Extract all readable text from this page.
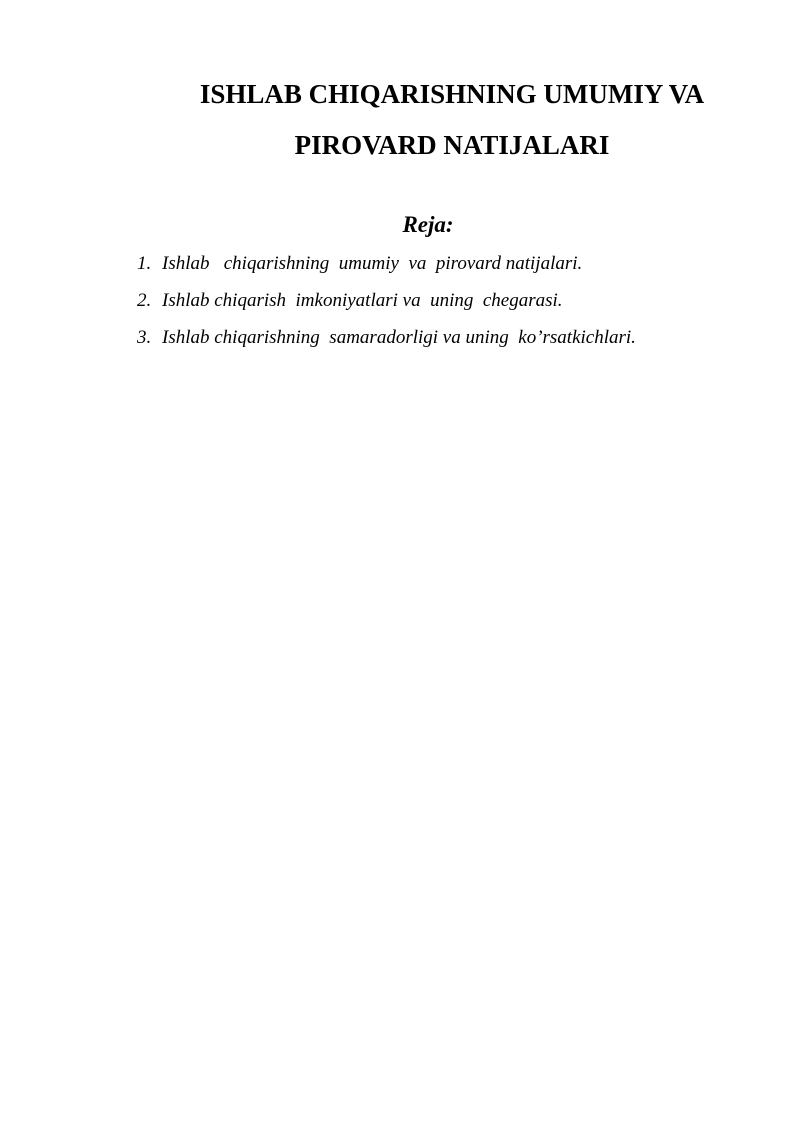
ISHLAB CHIQARISHNING UMUMIY VA
PIROVARD NATIJALARI
Reja:
1. Ishlab   chiqarishning  umumiy  va  pirovard natijalari.
2. Ishlab chiqarish  imkoniyatlari va  uning  chegarasi.
3. Ishlab chiqarishning  samaradorligi va uning  ko’rsatkichlari.
